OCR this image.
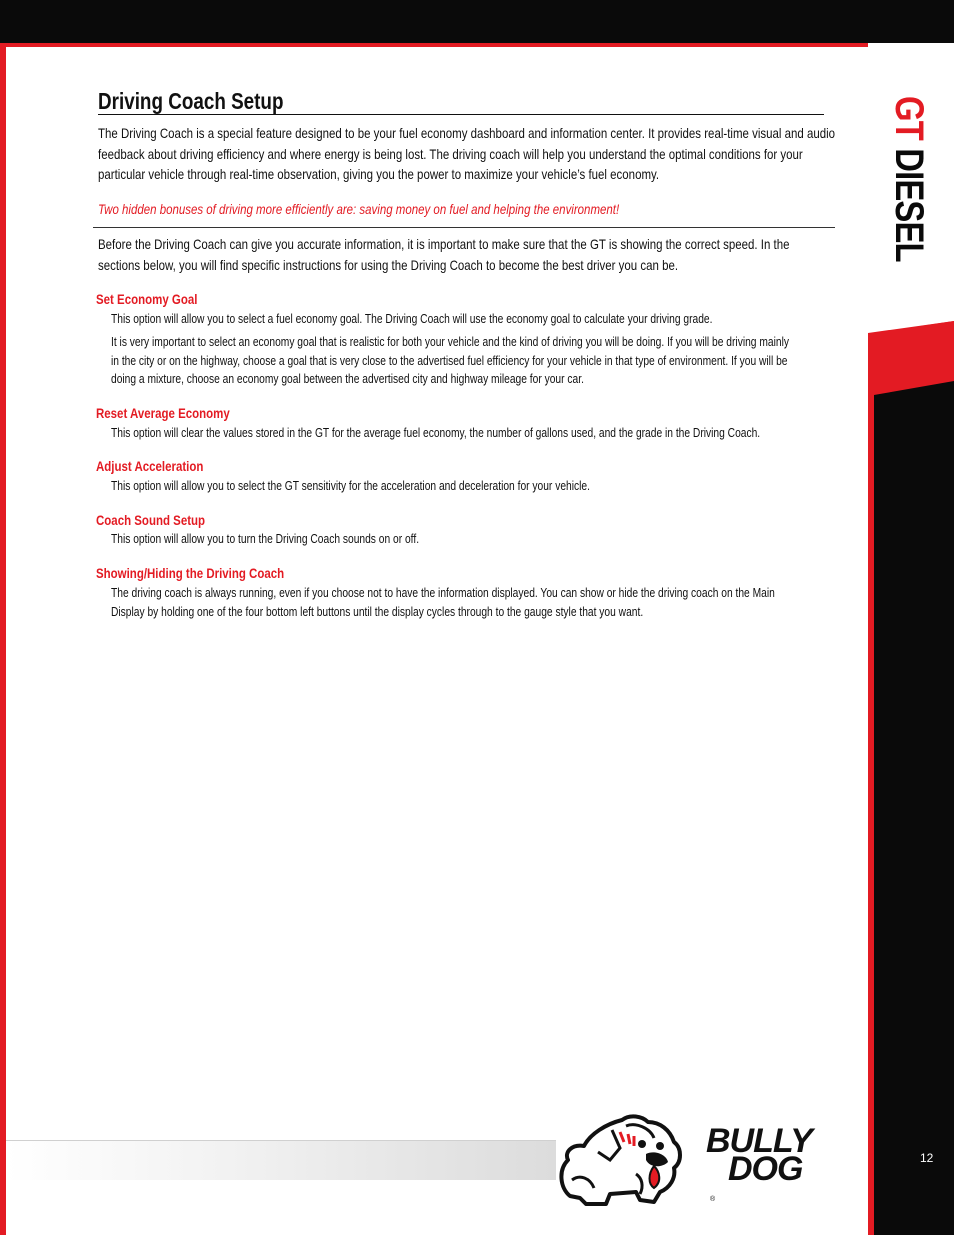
GT DIESEL
12
Driving Coach Setup

The Driving Coach is a special feature designed to be your fuel economy dashboard and information center. It provides real-time visual and audio
feedback about driving efficiency and where energy is being lost. The driving coach will help you understand the optimal conditions for your
particular vehicle through real-time observation, giving you the power to maximize your vehicle’s fuel economy.

Two hidden bonuses of driving more efficiently are: saving money on fuel and helping the environment!

Before the Driving Coach can give you accurate information, it is important to make sure that the GT is showing the correct speed. In the
sections below, you will find specific instructions for using the Driving Coach to become the best driver you can be.

Set Economy Goal

This option will allow you to select a fuel economy goal. The Driving Coach will use the economy goal to calculate your driving grade.

It is very important to select an economy goal that is realistic for both your vehicle and the kind of driving you will be doing. If you will be driving mainly
in the city or on the highway, choose a goal that is very close to the advertised fuel efficiency for your vehicle in that type of environment. If you will be
doing a mixture, choose an economy goal between the advertised city and highway mileage for your car.

Reset Average Economy

This option will clear the values stored in the GT for the average fuel economy, the number of gallons used, and the grade in the Driving Coach.

Adjust Acceleration

This option will allow you to select the GT sensitivity for the acceleration and deceleration for your vehicle.

Coach Sound Setup

This option will allow you to turn the Driving Coach sounds on or off.

Showing/Hiding the Driving Coach

The driving coach is always running, even if you choose not to have the information displayed. You can show or hide the driving coach on the Main
Display by holding one of the four bottom left buttons until the display cycles through to the gauge style that you want.

BULLY
DOG
®
